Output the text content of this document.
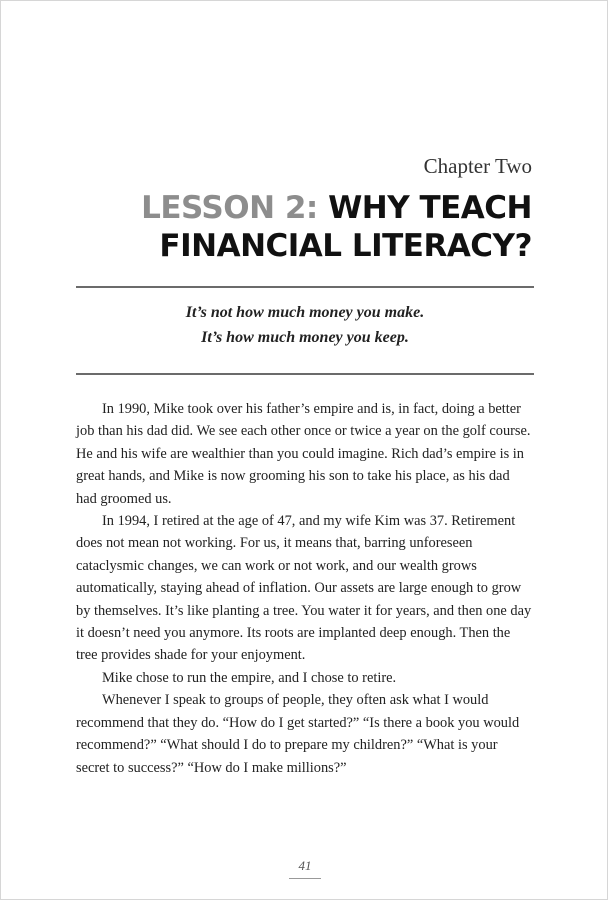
Chapter Two
LESSON 2: WHY TEACH
FINANCIAL LITERACY?
It’s not how much money you make.
It’s how much money you keep.

In 1990, Mike took over his father’s empire and is, in fact, doing a better job than his dad did. We see each other once or twice a year on the golf course. He and his wife are wealthier than you could imagine. Rich dad’s empire is in great hands, and Mike is now grooming his son to take his place, as his dad had groomed us.

In 1994, I retired at the age of 47, and my wife Kim was 37. Retirement does not mean not working. For us, it means that, barring unforeseen cataclysmic changes, we can work or not work, and our wealth grows automatically, staying ahead of inflation. Our assets are large enough to grow by themselves. It’s like planting a tree. You water it for years, and then one day it doesn’t need you anymore. Its roots are implanted deep enough. Then the tree provides shade for your enjoyment.

Mike chose to run the empire, and I chose to retire.

Whenever I speak to groups of people, they often ask what I would recommend that they do. “How do I get started?” “Is there a book you would recommend?” “What should I do to prepare my children?” “What is your secret to success?” “How do I make millions?”

41
